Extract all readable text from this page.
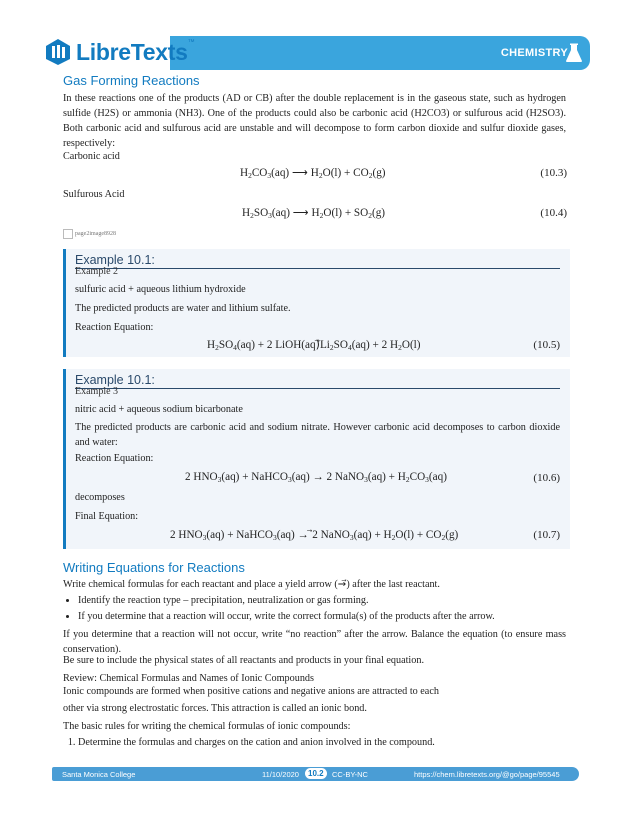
LibreTexts™
CHEMISTRY
Gas Forming Reactions
In these reactions one of the products (AD or CB) after the double replacement is in the gaseous state, such as hydrogen sulfide (H2S) or ammonia (NH3). One of the products could also be carbonic acid (H2CO3) or sulfurous acid (H2SO3). Both carbonic acid and sulfurous acid are unstable and will decompose to form carbon dioxide and sulfur dioxide gases, respectively:
Carbonic acid
$H_2CO_3(aq)$ ⟶ $H_2O(l) + CO_2(g)$	(10.3)
Sulfurous Acid
$H_2SO_3(aq)$ ⟶ $H_2O(l) + SO_2(g)$	(10.4)
page2image8928
Example 10.1:
Example 2
sulfuric acid + aqueous lithium hydroxide
The predicted products are water and lithium sulfate.
Reaction Equation:
$H_2SO_4(aq) + 2$ $LiOH(aq)⃗Li_2SO_4(aq) + 2$ $H_2O(l)$	(10.5)
Example 10.1:
Example 3
nitric acid + aqueous sodium bicarbonate
The predicted products are carbonic acid and sodium nitrate. However carbonic acid decomposes to carbon dioxide and water:
Reaction Equation:
2 $HNO_3(aq)$ + NaHCO$_3$(aq) → 2 NaNO$_3$(aq) + $H_2CO_3(aq)$	(10.6)
decomposes
Final Equation:
2 $HNO_3(aq)$ + NaHCO$_3$(aq) → ⃗2 NaNO$_3$(aq) + $H_2O(l) + CO_2(g)$	(10.7)
Writing Equations for Reactions
Write chemical formulas for each reactant and place a yield arrow (→⃗) after the last reactant.
• Identify the reaction type – precipitation, neutralization or gas forming.
• If you determine that a reaction will occur, write the correct formula(s) of the products after the arrow.
If you determine that a reaction will not occur, write “no reaction” after the arrow. Balance the equation (to ensure mass conservation).
Be sure to include the physical states of all reactants and products in your final equation.
Review: Chemical Formulas and Names of Ionic Compounds
Ionic compounds are formed when positive cations and negative anions are attracted to each
other via strong electrostatic forces. This attraction is called an ionic bond.
The basic rules for writing the chemical formulas of ionic compounds:
1. Determine the formulas and charges on the cation and anion involved in the compound.
Santa Monica College	11/10/2020	10.2	CC-BY-NC	https://chem.libretexts.org/@go/page/95545
